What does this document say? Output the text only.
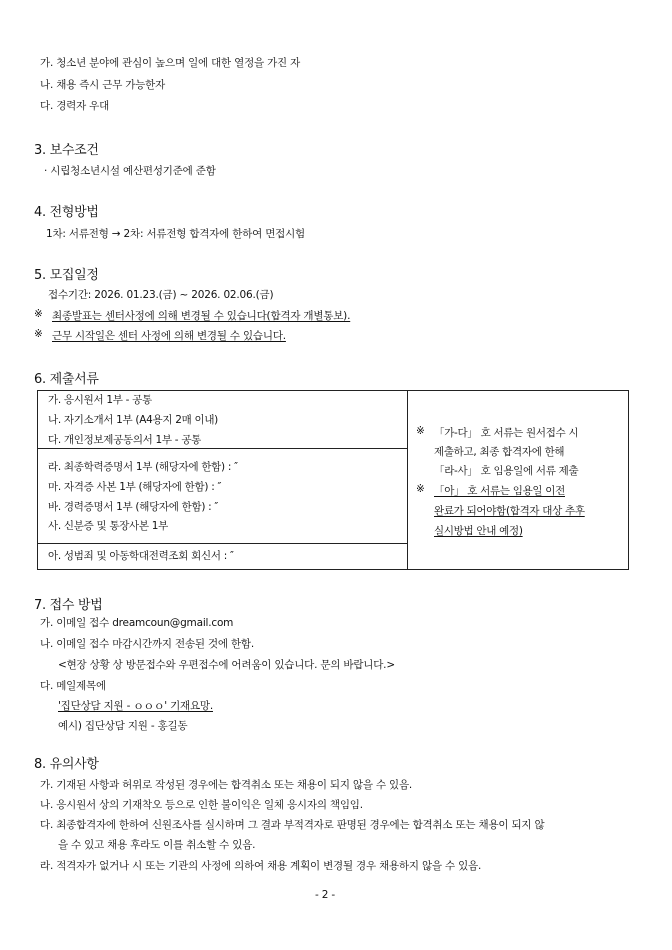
가. 청소년 분야에 관심이 높으며 일에 대한 열정을 가진 자
나. 채용 즉시 근무 가능한자
다. 경력자 우대
3. 보수조건
· 시립청소년시설 예산편성기준에 준함
4. 전형방법
1차: 서류전형 → 2차: 서류전형 합격자에 한하여 면접시험
5. 모집일정
접수기간: 2026. 01.23.(금) ~ 2026. 02.06.(금)
※ 최종발표는 센터사정에 의해 변경될 수 있습니다(합격자 개별통보).
※ 근무 시작일은 센터 사정에 의해 변경될 수 있습니다.
6. 제출서류
가. 응시원서 1부 - 공통
나. 자기소개서 1부 (A4용지 2매 이내)
다. 개인정보제공동의서 1부 - 공통
라. 최종학력증명서 1부 (해당자에 한함) : ″
마. 자격증 사본 1부 (해당자에 한함) : ″
바. 경력증명서 1부 (해당자에 한함) : ″
사. 신분증 및 통장사본 1부
아. 성범죄 및 아동학대전력조회 회신서 : ″
※ 「가-다」 호 서류는 원서접수 시
제출하고, 최종 합격자에 한해
「라-사」 호 임용일에 서류 제출
※ 「아」 호 서류는 임용일 이전
완료가 되어야함(합격자 대상 추후
실시방법 안내 예정)
7. 접수 방법
가. 이메일 접수 dreamcoun@gmail.com
나. 이메일 접수 마감시간까지 전송된 것에 한함.
<현장 상황 상 방문접수와 우편접수에 어려움이 있습니다. 문의 바랍니다.>
다. 메일제목에
'집단상담 지원 - ｏｏｏ' 기재요망.
예시) 집단상담 지원 - 홍길동
8. 유의사항
가. 기재된 사항과 허위로 작성된 경우에는 합격취소 또는 채용이 되지 않을 수 있음.
나. 응시원서 상의 기재착오 등으로 인한 불이익은 일체 응시자의 책임임.
다. 최종합격자에 한하여 신원조사를 실시하며 그 결과 부적격자로 판명된 경우에는 합격취소 또는 채용이 되지 않
을 수 있고 채용 후라도 이를 취소할 수 있음.
라. 적격자가 없거나 시 또는 기관의 사정에 의하여 채용 계획이 변경될 경우 채용하지 않을 수 있음.
- 2 -
